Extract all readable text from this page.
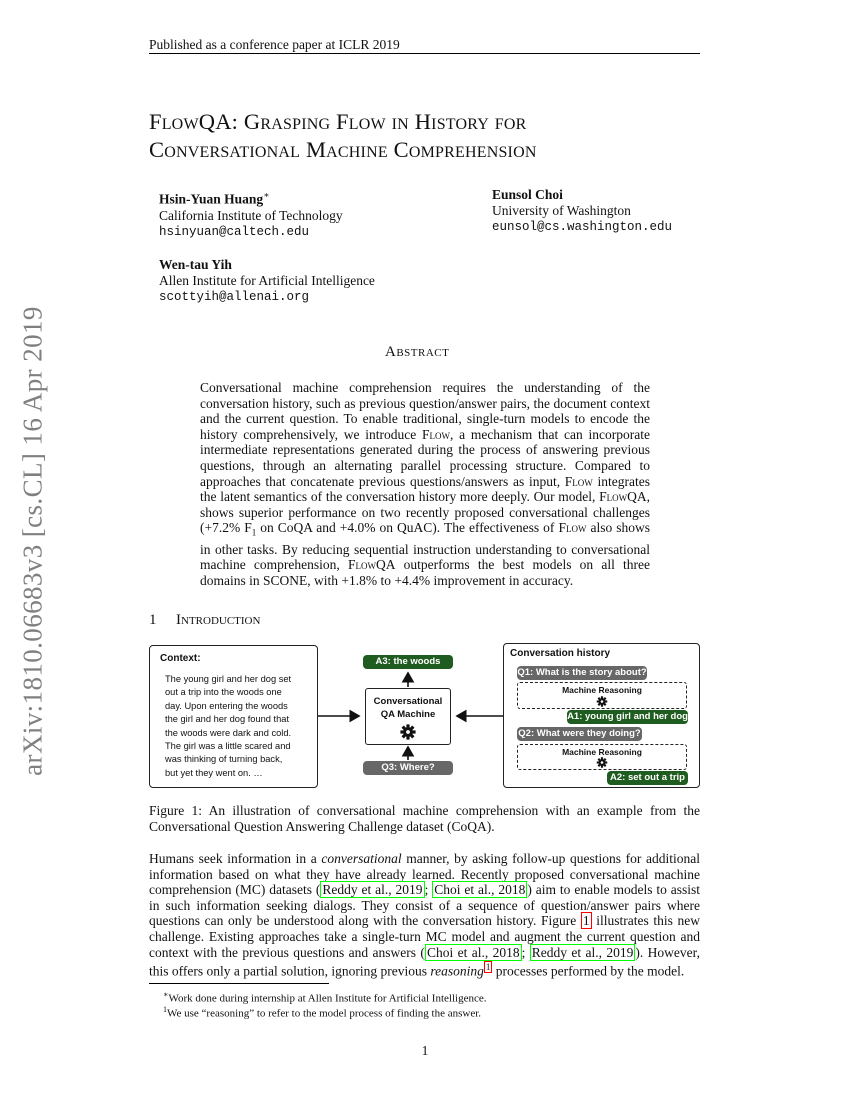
Published as a conference paper at ICLR 2019
arXiv:1810.06683v3 [cs.CL] 16 Apr 2019
FlowQA: Grasping Flow in History for
Conversational Machine Comprehension
Hsin-Yuan Huang∗
California Institute of Technology
hsinyuan@caltech.edu
Eunsol Choi
University of Washington
eunsol@cs.washington.edu
Wen-tau Yih
Allen Institute for Artificial Intelligence
scottyih@allenai.org
Abstract
Conversational machine comprehension requires the understanding of the conversation history, such as previous question/answer pairs, the document context and the current question. To enable traditional, single-turn models to encode the history comprehensively, we introduce Flow, a mechanism that can incorporate intermediate representations generated during the process of answering previous questions, through an alternating parallel processing structure. Compared to approaches that concatenate previous questions/answers as input, Flow integrates the latent semantics of the conversation history more deeply. Our model, FlowQA, shows superior performance on two recently proposed conversational challenges (+7.2% $F_1$ on CoQA and +4.0% on QuAC). The effectiveness of Flow also shows in other tasks. By reducing sequential instruction understanding to conversational machine comprehension, FlowQA outperforms the best models on all three domains in SCONE, with +1.8% to +4.4% improvement in accuracy.
1 Introduction
Context:
The young girl and her dog set
out a trip into the woods one
day. Upon entering the woods
the girl and her dog found that
the woods were dark and cold.
The girl was a little scared and
was thinking of turning back,
but yet they went on. …
A3: the woods
Conversational
QA Machine
Q3: Where?
Conversation history
Q1: What is the story about?
Machine Reasoning
A1: young girl and her dog
Q2: What were they doing?
Machine Reasoning
A2: set out a trip
Figure 1: An illustration of conversational machine comprehension with an example from the Conversational Question Answering Challenge dataset (CoQA).
Humans seek information in a conversational manner, by asking follow-up questions for additional information based on what they have already learned. Recently proposed conversational machine comprehension (MC) datasets ( Reddy et al., 2019 ; Choi et al., 2018 ) aim to enable models to assist in such information seeking dialogs. They consist of a sequence of question/answer pairs where questions can only be understood along with the conversation history. Figure 1 illustrates this new challenge. Existing approaches take a single-turn MC model and augment the current question and context with the previous questions and answers ( Choi et al., 2018 ; Reddy et al., 2019 ). However, this offers only a partial solution, ignoring previous reasoning $^1$ processes performed by the model.
∗Work done during internship at Allen Institute for Artificial Intelligence.
$^1$We use “reasoning” to refer to the model process of finding the answer.
1
